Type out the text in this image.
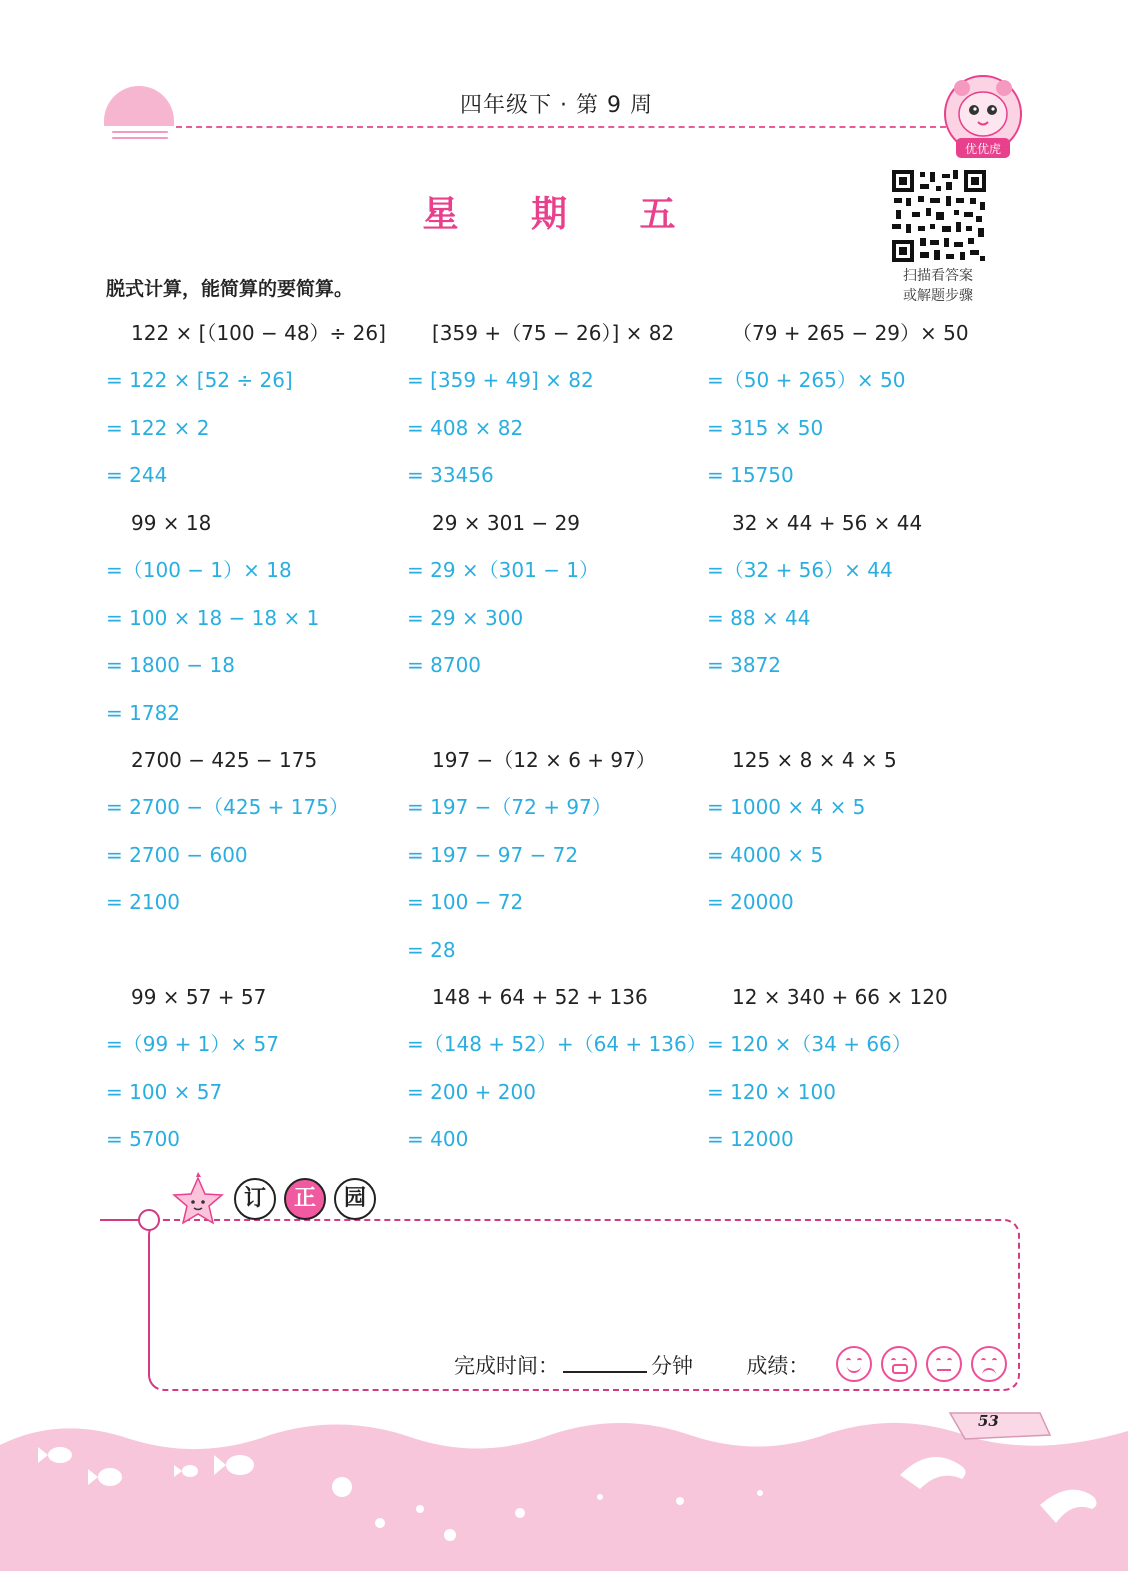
四年级下 · 第 9 周
优优虎
星 期 五
扫描看答案
或解题步骤
脱式计算，能简算的要简算。
122 × [（100 − 48）÷ 26]
= 122 × [52 ÷ 26]
= 122 × 2
= 244
[359 +（75 − 26）] × 82
= [359 + 49] × 82
= 408 × 82
= 33456
（79 + 265 − 29）× 50
=（50 + 265）× 50
= 315 × 50
= 15750
99 × 18
=（100 − 1）× 18
= 100 × 18 − 18 × 1
= 1800 − 18
= 1782
29 × 301 − 29
= 29 ×（301 − 1）
= 29 × 300
= 8700
32 × 44 + 56 × 44
=（32 + 56）× 44
= 88 × 44
= 3872
2700 − 425 − 175
= 2700 −（425 + 175）
= 2700 − 600
= 2100
197 −（12 × 6 + 97）
= 197 −（72 + 97）
= 197 − 97 − 72
= 100 − 72
= 28
125 × 8 × 4 × 5
= 1000 × 4 × 5
= 4000 × 5
= 20000
99 × 57 + 57
=（99 + 1）× 57
= 100 × 57
= 5700
148 + 64 + 52 + 136
=（148 + 52）+（64 + 136）
= 200 + 200
= 400
12 × 340 + 66 × 120
= 120 ×（34 + 66）
= 120 × 100
= 12000
订 正 园
完成时间：	分钟	成绩：

53
